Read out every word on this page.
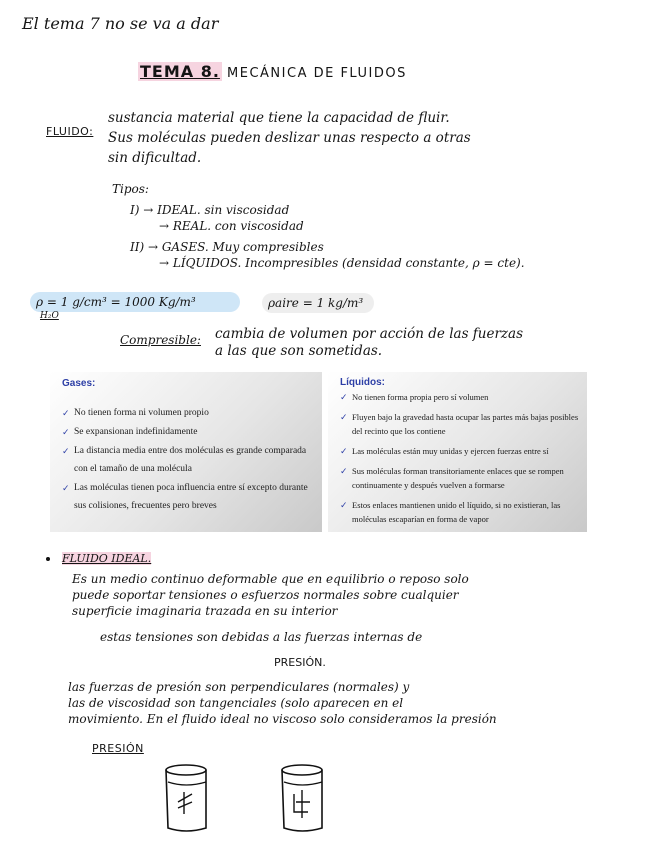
El tema 7 no se va a dar
TEMA 8. MECÁNICA DE FLUIDOS
FLUIDO:
sustancia material que tiene la capacidad de fluir.
Sus moléculas pueden deslizar unas respecto a otras
sin dificultad.
Tipos:
I) → IDEAL. sin viscosidad
→ REAL. con viscosidad
II) → GASES. Muy compresibles
→ LÍQUIDOS. Incompresibles (densidad constante, ρ = cte).
ρ = 1 g/cm³ = 1000 Kg/m³
H₂O
ρaire = 1 kg/m³
Compresible: cambia de volumen por acción de las fuerzas
a las que son sometidas.
Gases:
✓ No tienen forma ni volumen propio
✓ Se expansionan indefinidamente
✓ La distancia media entre dos moléculas es grande comparada con el tamaño de una molécula
✓ Las moléculas tienen poca influencia entre sí excepto durante sus colisiones, frecuentes pero breves
Líquidos:
✓ No tienen forma propia pero sí volumen
✓ Fluyen bajo la gravedad hasta ocupar las partes más bajas posibles del recinto que los contiene
✓ Las moléculas están muy unidas y ejercen fuerzas entre sí
✓ Sus moléculas forman transitoriamente enlaces que se rompen continuamente y después vuelven a formarse
✓ Estos enlaces mantienen unido el líquido, si no existieran, las moléculas escaparían en forma de vapor
FLUIDO IDEAL.
Es un medio continuo deformable que en equilibrio o reposo solo
puede soportar tensiones o esfuerzos normales sobre cualquier
superficie imaginaria trazada en su interior
estas tensiones son debidas a las fuerzas internas de
PRESIÓN.
las fuerzas de presión son perpendiculares (normales) y
las de viscosidad son tangenciales (solo aparecen en el
movimiento. En el fluido ideal no viscoso solo consideramos la presión
PRESIÓN
